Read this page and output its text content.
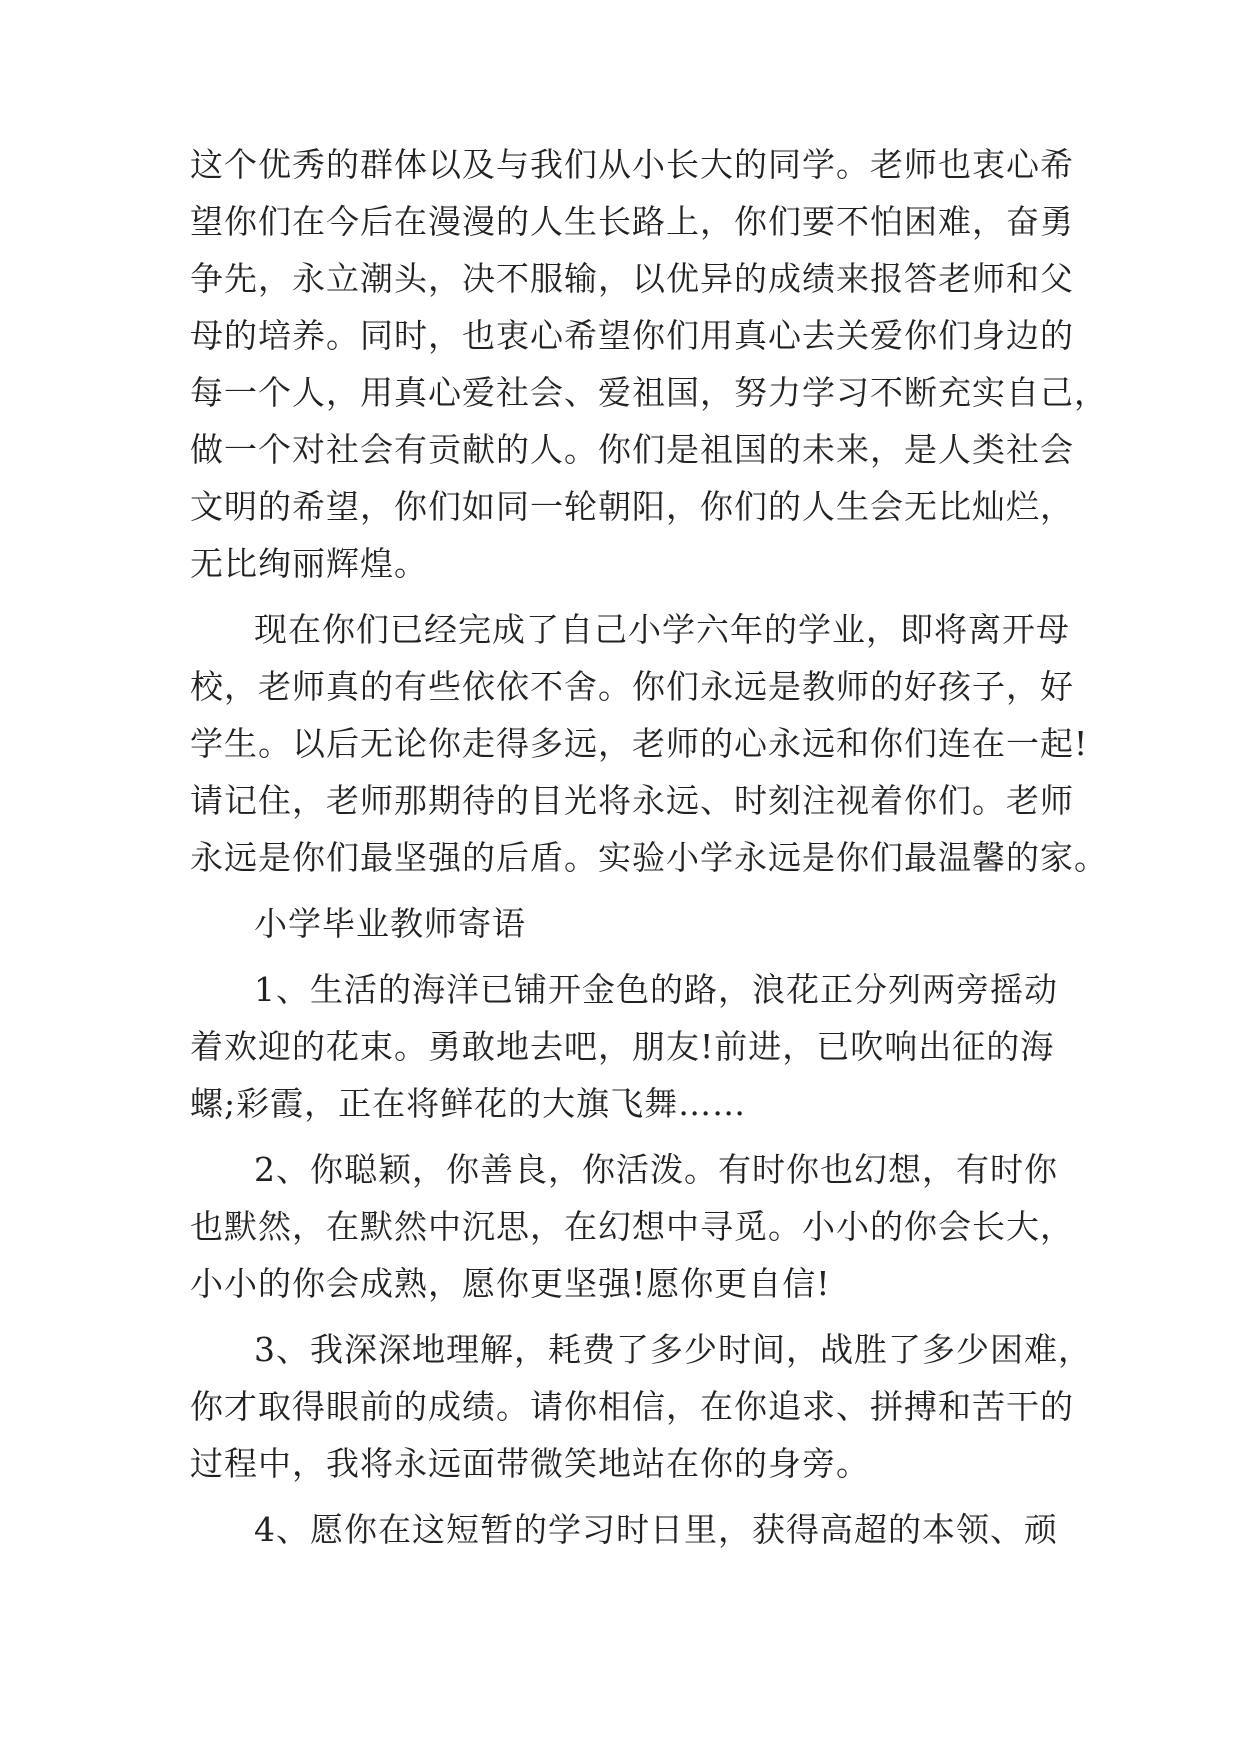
这个优秀的群体以及与我们从小长大的同学。老师也衷心希
望你们在今后在漫漫的人生长路上，你们要不怕困难，奋勇
争先，永立潮头，决不服输，以优异的成绩来报答老师和父
母的培养。同时，也衷心希望你们用真心去关爱你们身边的
每一个人，用真心爱社会、爱祖国，努力学习不断充实自己，
做一个对社会有贡献的人。你们是祖国的未来，是人类社会
文明的希望，你们如同一轮朝阳，你们的人生会无比灿烂，
无比绚丽辉煌。
现在你们已经完成了自己小学六年的学业，即将离开母
校，老师真的有些依依不舍。你们永远是教师的好孩子，好
学生。以后无论你走得多远，老师的心永远和你们连在一起!
请记住，老师那期待的目光将永远、时刻注视着你们。老师
永远是你们最坚强的后盾。实验小学永远是你们最温馨的家。
小学毕业教师寄语
1、生活的海洋已铺开金色的路，浪花正分列两旁摇动
着欢迎的花束。勇敢地去吧，朋友!前进，已吹响出征的海
螺;彩霞，正在将鲜花的大旗飞舞……
2、你聪颖，你善良，你活泼。有时你也幻想，有时你
也默然，在默然中沉思，在幻想中寻觅。小小的你会长大，
小小的你会成熟，愿你更坚强!愿你更自信!
3、我深深地理解，耗费了多少时间，战胜了多少困难，
你才取得眼前的成绩。请你相信，在你追求、拼搏和苦干的
过程中，我将永远面带微笑地站在你的身旁。
4、愿你在这短暂的学习时日里，获得高超的本领、顽
